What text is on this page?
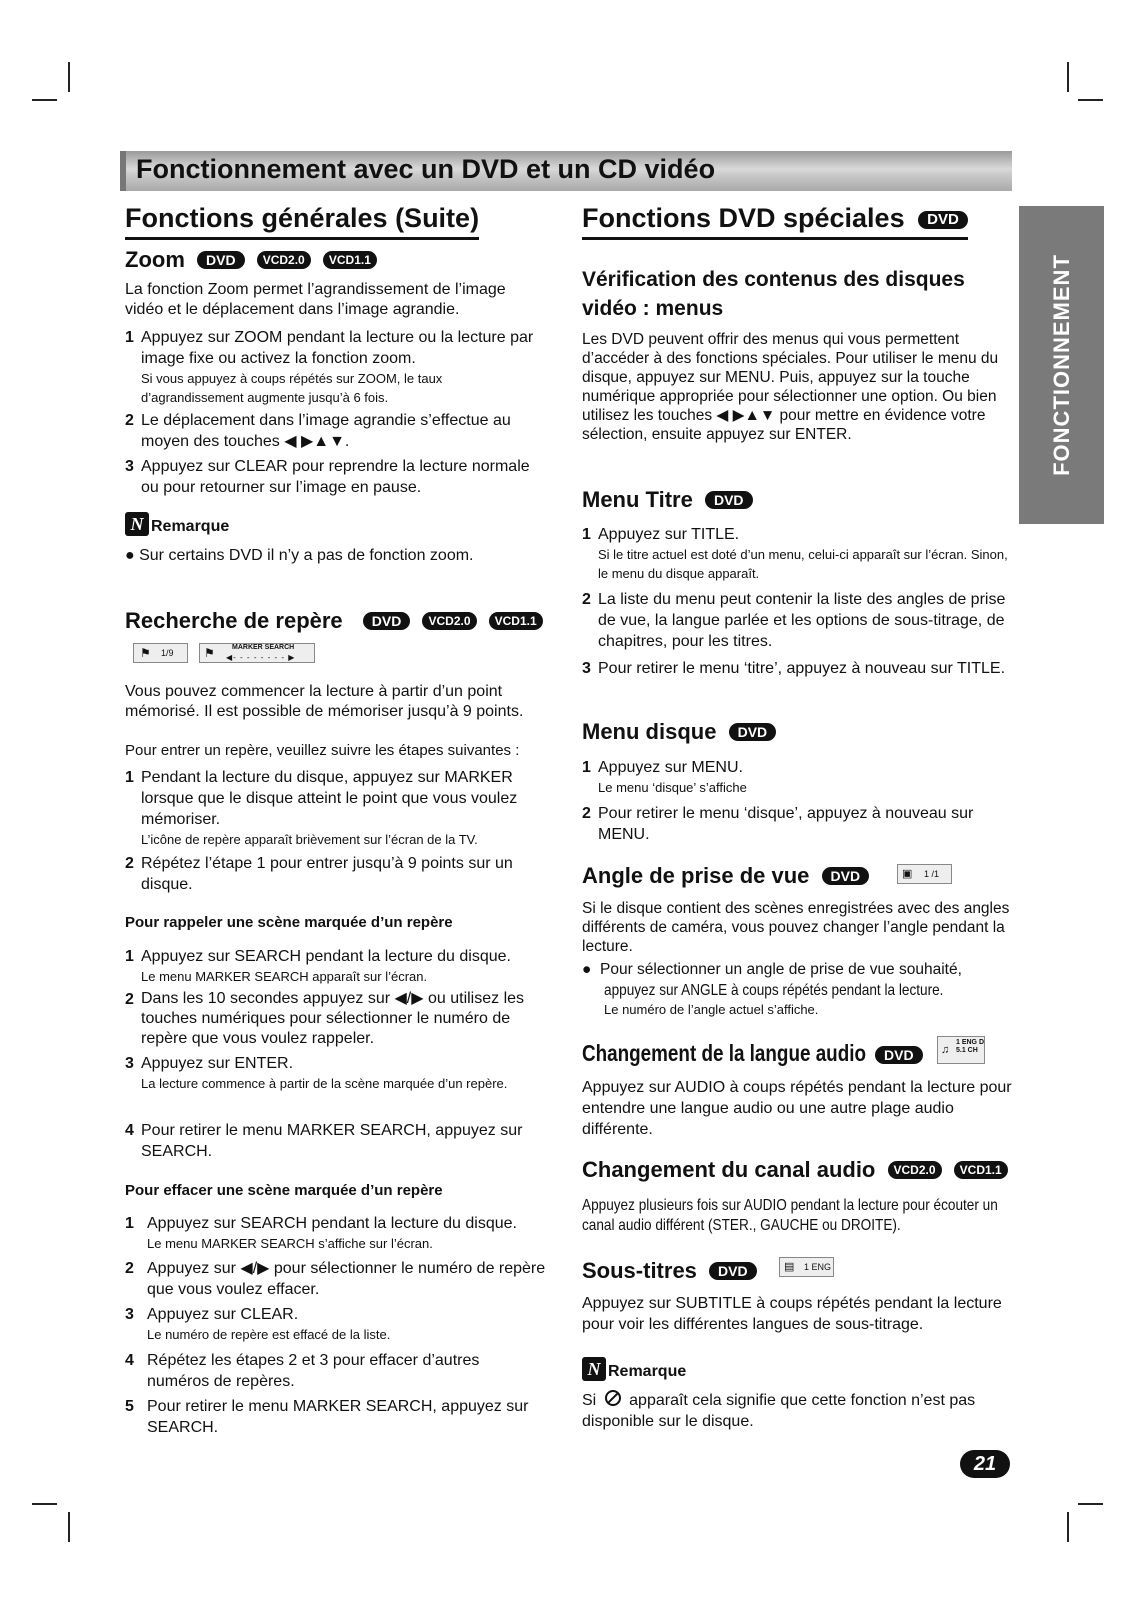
Fonctionnement avec un DVD et un CD vidéo
FONCTIONNEMENT
Fonctions générales (Suite)
Zoom DVD VCD2.0 VCD1.1
La fonction Zoom permet l’agrandissement de l’image vidéo et le déplacement dans l’image agrandie.
1 Appuyez sur ZOOM pendant la lecture ou la lecture par image fixe ou activez la fonction zoom.
Si vous appuyez à coups répétés sur ZOOM, le taux d’agrandissement augmente jusqu’à 6 fois.
2 Le déplacement dans l’image agrandie s’effectue au moyen des touches ◀ ▶▲▼.
3 Appuyez sur CLEAR pour reprendre la lecture normale ou pour retourner sur l’image en pause.
N Remarque
● Sur certains DVD il n’y a pas de fonction zoom.
Recherche de repère DVD VCD2.0 VCD1.1
⚑ 1/9	⚑ MARKER SEARCH
◀- - - - - - - - ▶
Vous pouvez commencer la lecture à partir d’un point mémorisé. Il est possible de mémoriser jusqu’à 9 points.
Pour entrer un repère, veuillez suivre les étapes suivantes :
1 Pendant la lecture du disque, appuyez sur MARKER lorsque que le disque atteint le point que vous voulez mémoriser.
L’icône de repère apparaît brièvement sur l’écran de la TV.
2 Répétez l’étape 1 pour entrer jusqu’à 9 points sur un disque.
Pour rappeler une scène marquée d’un repère
1 Appuyez sur SEARCH pendant la lecture du disque.
Le menu MARKER SEARCH apparaît sur l’écran.
2 Dans les 10 secondes appuyez sur ◀/▶ ou utilisez les touches numériques pour sélectionner le numéro de repère que vous voulez rappeler.
3 Appuyez sur ENTER.
La lecture commence à partir de la scène marquée d’un repère.
4 Pour retirer le menu MARKER SEARCH, appuyez sur SEARCH.
Pour effacer une scène marquée d’un repère
1 Appuyez sur SEARCH pendant la lecture du disque.
Le menu MARKER SEARCH s’affiche sur l’écran.
2 Appuyez sur ◀/▶ pour sélectionner le numéro de repère que vous voulez effacer.
3 Appuyez sur CLEAR.
Le numéro de repère est effacé de la liste.
4 Répétez les étapes 2 et 3 pour effacer d’autres numéros de repères.
5 Pour retirer le menu MARKER SEARCH, appuyez sur SEARCH.
Fonctions DVD spéciales DVD
Vérification des contenus des disques vidéo : menus
Les DVD peuvent offrir des menus qui vous permettent d’accéder à des fonctions spéciales. Pour utiliser le menu du disque, appuyez sur MENU. Puis, appuyez sur la touche numérique appropriée pour sélectionner une option. Ou bien utilisez les touches ◀ ▶▲▼ pour mettre en évidence votre sélection, ensuite appuyez sur ENTER.
Menu Titre DVD
1 Appuyez sur TITLE.
Si le titre actuel est doté d’un menu, celui-ci apparaît sur l’écran. Sinon, le menu du disque apparaît.
2 La liste du menu peut contenir la liste des angles de prise de vue, la langue parlée et les options de sous-titrage, de chapitres, pour les titres.
3 Pour retirer le menu ‘titre’, appuyez à nouveau sur TITLE.
Menu disque DVD
1 Appuyez sur MENU.
Le menu ‘disque’ s’affiche
2 Pour retirer le menu ‘disque’, appuyez à nouveau sur MENU.
Angle de prise de vue DVD	▣ 1 /1
Si le disque contient des scènes enregistrées avec des angles différents de caméra, vous pouvez changer l’angle pendant la lecture.
●  Pour sélectionner un angle de prise de vue souhaité,
appuyez sur ANGLE à coups répétés pendant la lecture.
Le numéro de l’angle actuel s’affiche.
Changement de la langue audio	DVD	♫
1 ENG D 5.1 CH
Appuyez sur AUDIO à coups répétés pendant la lecture pour entendre une langue audio ou une autre plage audio différente.
Changement du canal audio VCD2.0 VCD1.1
Appuyez plusieurs fois sur AUDIO pendant la lecture pour écouter un canal audio différent (STER., GAUCHE ou DROITE).
Sous-titres DVD	▤ 1 ENG
Appuyez sur SUBTITLE à coups répétés pendant la lecture pour voir les différentes langues de sous-titrage.
N Remarque
Si apparaît cela signifie que cette fonction n’est pas disponible sur le disque.
21
